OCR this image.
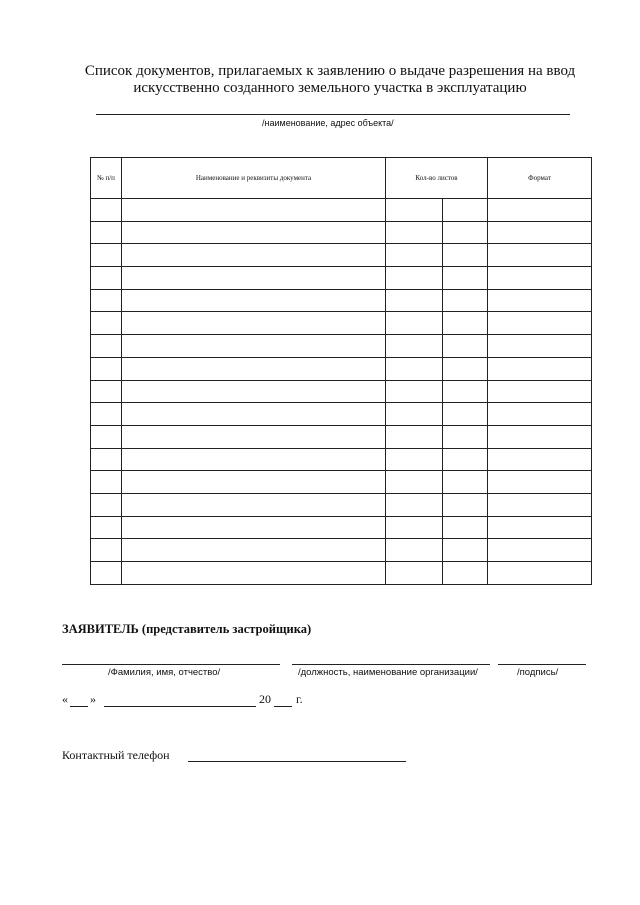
Список документов, прилагаемых к заявлению о выдаче разрешения на ввод
искусственно созданного земельного участка в эксплуатацию
/наименование, адрес объекта/
№ п/п	Наименование и реквизиты документа	Кол-во листов		Формат

ЗАЯВИТЕЛЬ (представитель застройщика)
/Фамилия, имя, отчество/	/должность, наименование организации/	/подпись/
« »	20 г.
Контактный телефон
